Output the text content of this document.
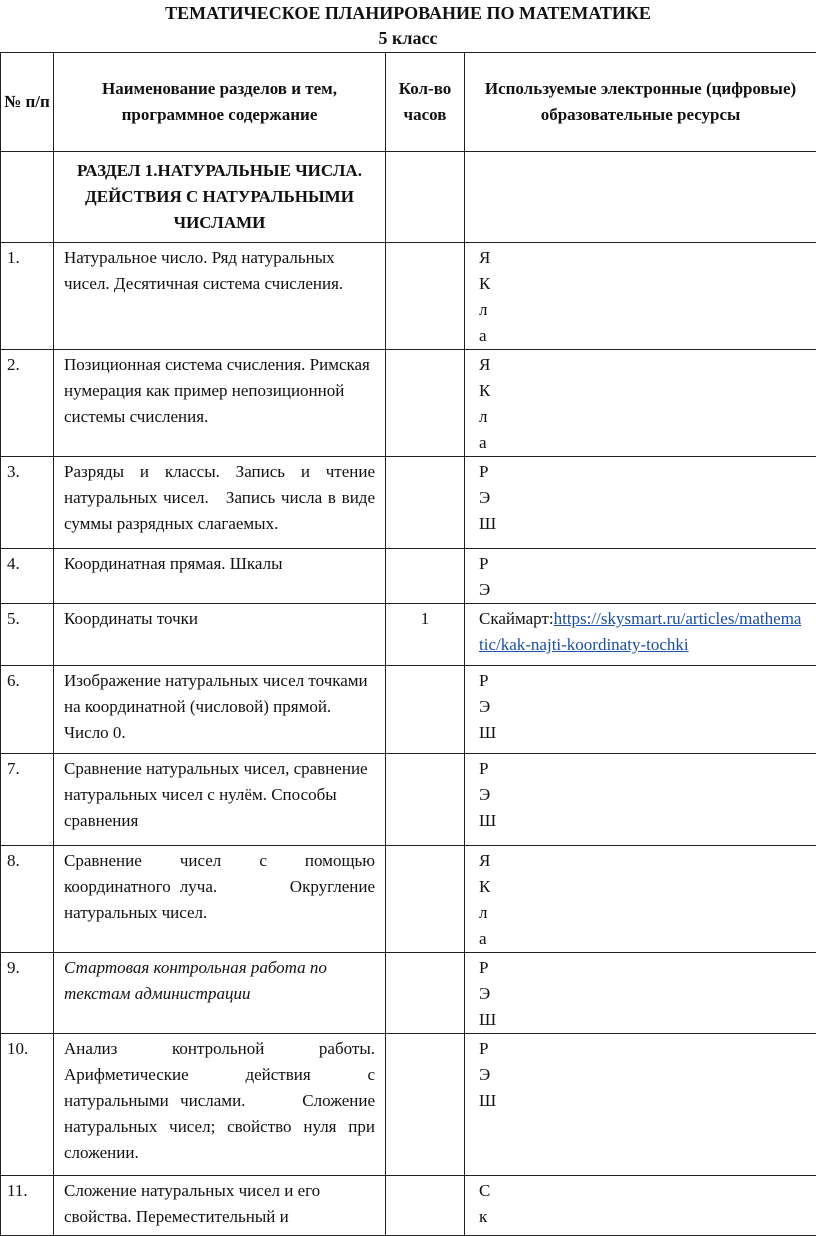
ТЕМАТИЧЕСКОЕ ПЛАНИРОВАНИЕ ПО МАТЕМАТИКЕ
5 класс
№ п/п	Наименование разделов и тем, программное содержание	Кол-во часов	Используемые электронные (цифровые) образовательные ресурсы
	РАЗДЕЛ 1.НАТУРАЛЬНЫЕ ЧИСЛА. ДЕЙСТВИЯ С НАТУРАЛЬНЫМИ ЧИСЛАМИ		
1.	Натуральное число. Ряд натуральных чисел. Десятичная система счисления.		Я
К
л
а

2.	Позиционная система счисления. Римская нумерация как пример непозиционной системы счисления.		Я
К
л
а

3.	Разряды и классы. Запись и чтение натуральных чисел.   Запись числа в виде суммы разрядных слагаемых.		Р
Э
Ш

4.	Координатная прямая. Шкалы		Р
Э

5.	Координаты точки	1	Скаймарт:https://skysmart.ru/articles/mathematic/kak-najti-koordinaty-tochki
6.	Изображение натуральных чисел точками на координатной (числовой) прямой. Число 0.		Р
Э
Ш

7.	Сравнение натуральных чисел, сравнение натуральных чисел с нулём. Способы сравнения		Р
Э
Ш

8.	Сравнение чисел с помощью координатного луча.        Округление натуральных чисел.		Я
К
л
а

9.	Стартовая контрольная работа по текстам администрации		Р
Э
Ш

10.	Анализ контрольной работы. Арифметические действия с натуральными числами.     Сложение натуральных чисел; свойство нуля при сложении.		Р
Э
Ш

11.	Сложение натуральных чисел и его свойства. Переместительный и		С
к
